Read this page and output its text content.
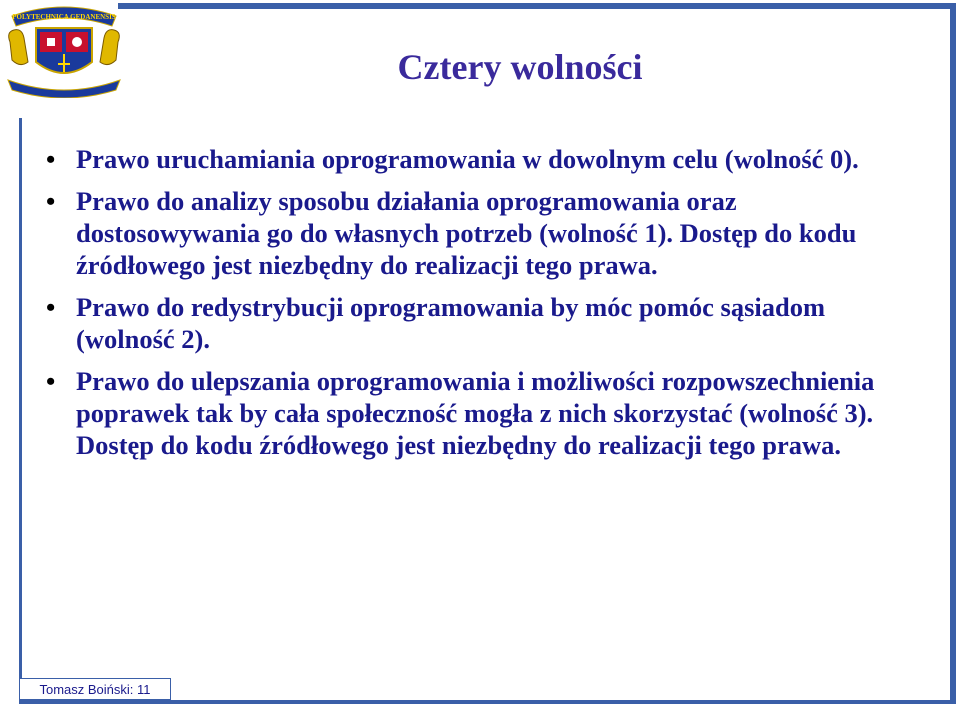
POLYTECHNICA GEDANENSIS
Cztery wolności
• Prawo uruchamiania oprogramowania w dowolnym celu (wolność 0).
• Prawo do analizy sposobu działania oprogramowania oraz dostosowywania go do własnych potrzeb (wolność 1). Dostęp do kodu źródłowego jest niezbędny do realizacji tego prawa.
• Prawo do redystrybucji oprogramowania by móc pomóc sąsiadom (wolność 2).
• Prawo do ulepszania oprogramowania i możliwości rozpowszechnienia poprawek tak by cała społeczność mogła z nich skorzystać (wolność 3). Dostęp do kodu źródłowego jest niezbędny do realizacji tego prawa.
Tomasz Boiński: 11
